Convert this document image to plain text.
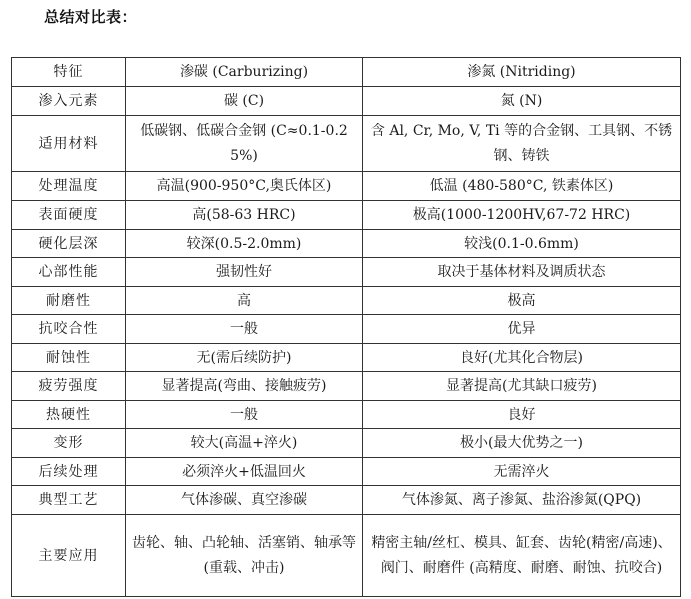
总结对比表：
特征	渗碳 (Carburizing)	渗氮 (Nitriding)
渗入元素	碳 (C)	氮 (N)
适用材料	低碳钢、低碳合金钢 (C≈0.1-0.25%)	含 Al, Cr, Mo, V, Ti 等的合金钢、工具钢、不锈钢、铸铁
处理温度	高温(900-950°C,奥氏体区)	低温 (480-580°C, 铁素体区)
表面硬度	高(58-63 HRC)	极高(1000-1200HV,67-72 HRC)
硬化层深	较深(0.5-2.0mm)	较浅(0.1-0.6mm)
心部性能	强韧性好	取决于基体材料及调质状态
耐磨性	高	极高
抗咬合性	一般	优异
耐蚀性	无(需后续防护)	良好(尤其化合物层)
疲劳强度	显著提高(弯曲、接触疲劳)	显著提高(尤其缺口疲劳)
热硬性	一般	良好
变形	较大(高温+淬火)	极小(最大优势之一)
后续处理	必须淬火+低温回火	无需淬火
典型工艺	气体渗碳、真空渗碳	气体渗氮、离子渗氮、盐浴渗氮(QPQ)
主要应用	齿轮、轴、凸轮轴、活塞销、轴承等 (重载、冲击)	精密主轴/丝杠、模具、缸套、齿轮(精密/高速)、阀门、耐磨件 (高精度、耐磨、耐蚀、抗咬合)
